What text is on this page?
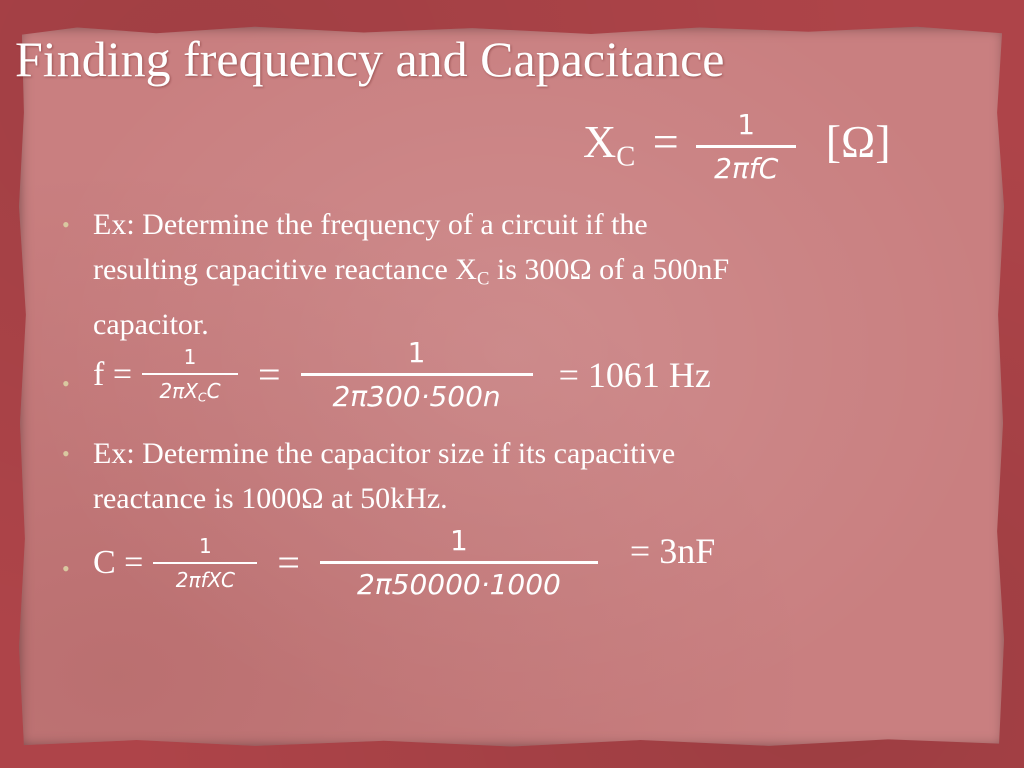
Finding frequency and Capacitance
$X_C = \frac{1}{\text{2πfC}} [\Omega]$
• Ex: Determine the frequency of a circuit if the
resulting capacitive reactance $X_C$ is 300Ω of a 500nF
capacitor.
• $f = \frac{1}{2\pi X_CC} = \frac{1}{2\pi 300\cdot 500n} = 1061$ Hz
• Ex: Determine the capacitor size if its capacitive
reactance is 1000Ω at 50kHz.
• $C = \frac{1}{\text{2πfXC}} = \frac{1}{2\pi 50000\cdot 1000} = 3nF$
